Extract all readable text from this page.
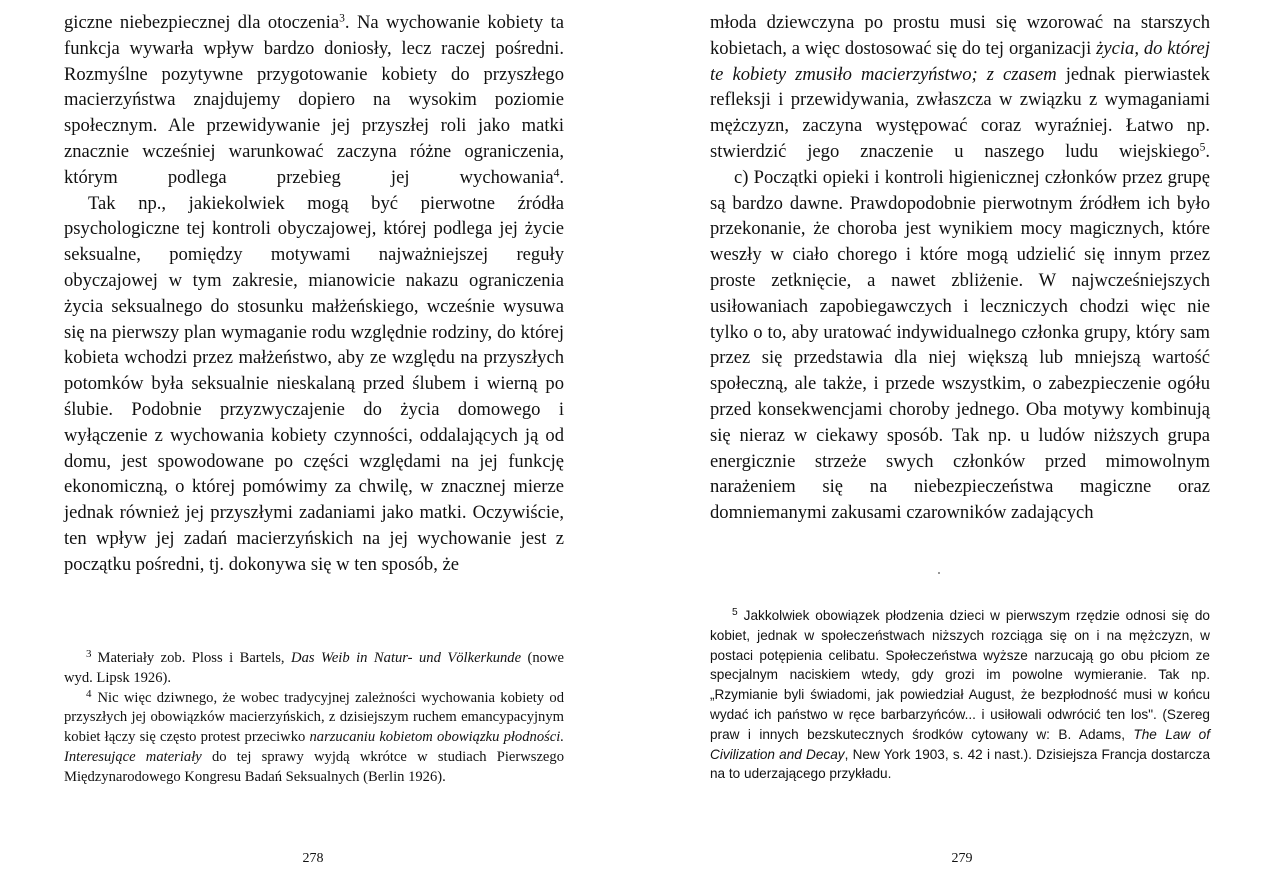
giczne niebezpiecznej dla otoczenia$^3$. Na wychowanie kobiety ta funkcja wywarła wpływ bardzo doniosły, lecz raczej pośredni. Rozmyślne pozytywne przygotowanie kobiety do przyszłego macierzyństwa znajdujemy dopiero na wysokim poziomie społecznym. Ale przewidywanie jej przyszłej roli jako matki znacznie wcześniej warunkować zaczyna różne ograniczenia, którym podlega przebieg jej wychowania$^4$.

Tak np., jakiekolwiek mogą być pierwotne źródła psychologiczne tej kontroli obyczajowej, której podlega jej życie seksualne, pomiędzy motywami najważniejszej reguły obyczajowej w tym zakresie, mianowicie nakazu ograniczenia życia seksualnego do stosunku małżeńskiego, wcześnie wysuwa się na pierwszy plan wymaganie rodu względnie rodziny, do której kobieta wchodzi przez małżeństwo, aby ze względu na przyszłych potomków była seksualnie nieskalaną przed ślubem i wierną po ślubie. Podobnie przyzwyczajenie do życia domowego i wyłączenie z wychowania kobiety czynności, oddalających ją od domu, jest spowodowane po części względami na jej funkcję ekonomiczną, o której pomówimy za chwilę, w znacznej mierze jednak również jej przyszłymi zadaniami jako matki. Oczywiście, ten wpływ jej zadań macierzyńskich na jej wychowanie jest z początku pośredni, tj. dokonywa się w ten sposób, że

$^3$ Materiały zob. Ploss i Bartels, Das Weib in Natur- und Völkerkunde (nowe wyd. Lipsk 1926).

$^4$ Nic więc dziwnego, że wobec tradycyjnej zależności wychowania kobiety od przyszłych jej obowiązków macierzyńskich, z dzisiejszym ruchem emancypacyjnym kobiet łączy się często protest przeciwko narzucaniu kobietom obowiązku płodności. Interesujące materiały do tej sprawy wyjdą wkrótce w studiach Pierwszego Międzynarodowego Kongresu Badań Seksualnych (Berlin 1926).

278

młoda dziewczyna po prostu musi się wzorować na starszych kobietach, a więc dostosować się do tej organizacji życia, do której te kobiety zmusiło macierzyństwo; z czasem jednak pierwiastek refleksji i przewidywania, zwłaszcza w związku z wymaganiami mężczyzn, zaczyna występować coraz wyraźniej. Łatwo np. stwierdzić jego znaczenie u naszego ludu wiejskiego$^5$.

c) Początki opieki i kontroli higienicznej członków przez grupę są bardzo dawne. Prawdopodobnie pierwotnym źródłem ich było przekonanie, że choroba jest wynikiem mocy magicznych, które weszły w ciało chorego i które mogą udzielić się innym przez proste zetknięcie, a nawet zbliżenie. W najwcześniejszych usiłowaniach zapobiegawczych i leczniczych chodzi więc nie tylko o to, aby uratować indywidualnego członka grupy, który sam przez się przedstawia dla niej większą lub mniejszą wartość społeczną, ale także, i przede wszystkim, o zabezpieczenie ogółu przed konsekwencjami choroby jednego. Oba motywy kombinują się nieraz w ciekawy sposób. Tak np. u ludów niższych grupa energicznie strzeże swych członków przed mimowolnym narażeniem się na niebezpieczeństwa magiczne oraz domniemanymi zakusami czarowników zadających

$^5$ Jakkolwiek obowiązek płodzenia dzieci w pierwszym rzędzie odnosi się do kobiet, jednak w społeczeństwach niższych rozciąga się on i na mężczyzn, w postaci potępienia celibatu. Społeczeństwa wyższe narzucają go obu płciom ze specjalnym naciskiem wtedy, gdy grozi im powolne wymieranie. Tak np. „Rzymianie byli świadomi, jak powiedział August, że bezpłodność musi w końcu wydać ich państwo w ręce barbarzyńców... i usiłowali odwrócić ten los". (Szereg praw i innych bezskutecznych środków cytowany w: B. Adams, The Law of Civilization and Decay, New York 1903, s. 42 i nast.). Dzisiejsza Francja dostarcza na to uderzającego przykładu.

279
